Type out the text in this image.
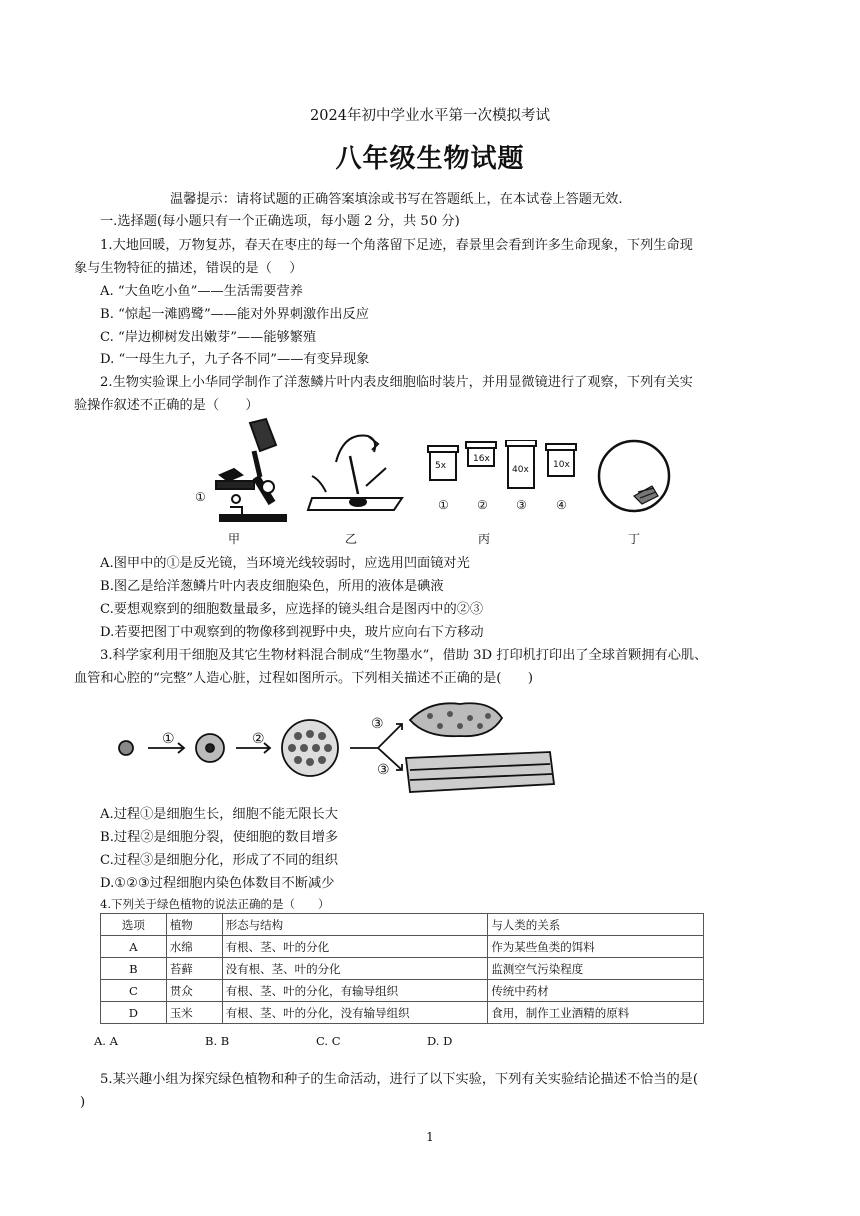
2024年初中学业水平第一次模拟考试
八年级生物试题
温馨提示：请将试题的正确答案填涂或书写在答题纸上，在本试卷上答题无效.
一.选择题(每小题只有一个正确选项，每小题 2 分，共 50 分)
1.大地回暖，万物复苏，春天在枣庄的每一个角落留下足迹，春景里会看到许多生命现象，下列生命现
象与生物特征的描述，错误的是（　 ）
A. “大鱼吃小鱼”——生活需要营养
B. “惊起一滩鸥鹭”——能对外界刺激作出反应
C. “岸边柳树发出嫩芽”——能够繁殖
D. “一母生九子，九子各不同”——有变异现象
2.生物实验课上小华同学制作了洋葱鳞片叶内表皮细胞临时装片，并用显微镜进行了观察，下列有关实
验操作叙述不正确的是（　　）
①
甲	乙
5x
16x
40x	10x
① ② ③ ④
丙	丁
A.图甲中的①是反光镜，当环境光线较弱时，应选用凹面镜对光
B.图乙是给洋葱鳞片叶内表皮细胞染色，所用的液体是碘液
C.要想观察到的细胞数量最多，应选择的镜头组合是图丙中的②③
D.若要把图丁中观察到的物像移到视野中央，玻片应向右下方移动
3.科学家利用干细胞及其它生物材料混合制成“生物墨水”，借助 3D 打印机打印出了全球首颗拥有心肌、
血管和心腔的“完整”人造心脏，过程如图所示。下列相关描述不正确的是(　　)
①	②
③
③
A.过程①是细胞生长，细胞不能无限长大
B.过程②是细胞分裂，使细胞的数目增多
C.过程③是细胞分化，形成了不同的组织
D.①②③过程细胞内染色体数目不断减少
4.下列关于绿色植物的说法正确的是（　　）
选项	植物	形态与结构	与人类的关系
A	水绵	有根、茎、叶的分化	作为某些鱼类的饵料
B	苔藓	没有根、茎、叶的分化	监测空气污染程度
C	贯众	有根、茎、叶的分化，有输导组织	传统中药材
D	玉米	有根、茎、叶的分化，没有输导组织	食用，制作工业酒精的原料
A. A	B. B	C. C	D. D
5.某兴趣小组为探究绿色植物和种子的生命活动，进行了以下实验，下列有关实验结论描述不恰当的是(
)
1
